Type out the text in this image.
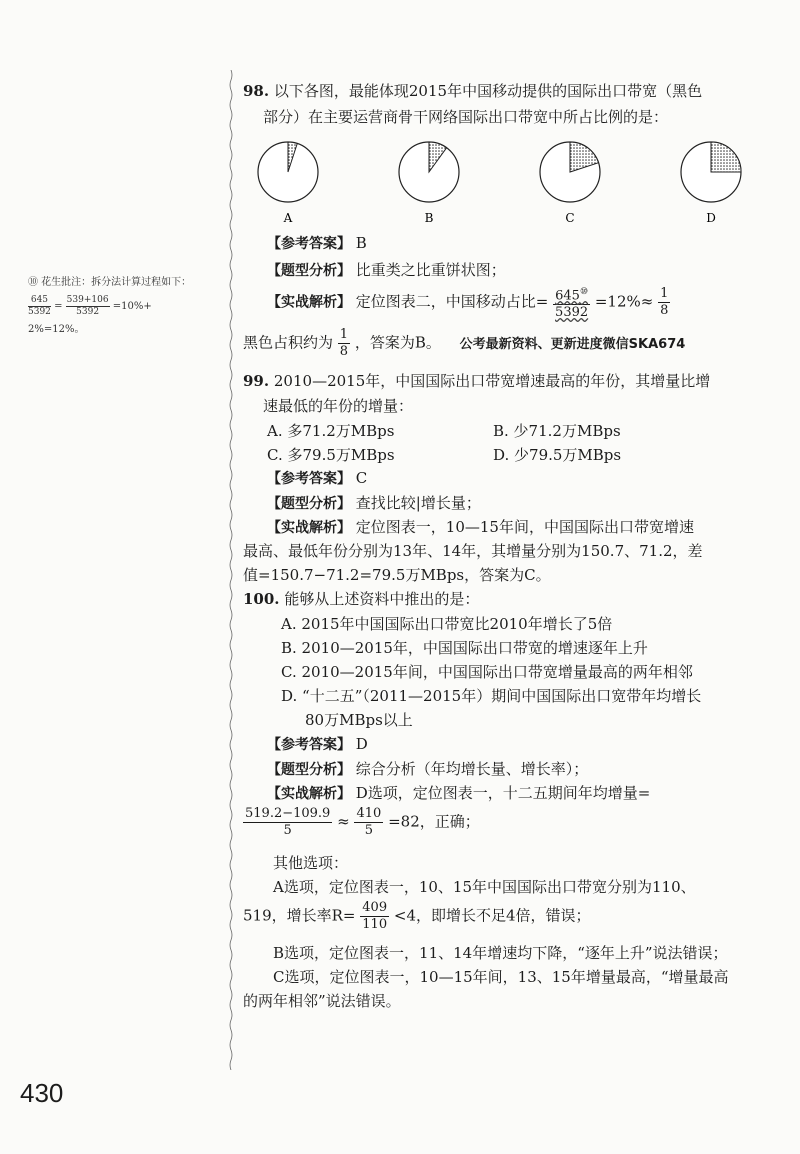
⑩ 花生批注：拆分法计算过程如下：
$\frac{645}{5392} = \frac{539+106}{5392} =10\%+$
2%=12%。
98. 以下各图，最能体现2015年中国移动提供的国际出口带宽（黑色
部分）在主要运营商骨干网络国际出口带宽中所占比例的是：
A	B	C	D
【参考答案】 B
【题型分析】 比重类之比重饼状图；
【实战解析】 定位图表二，中国移动占比= $\frac{645^⑩}{5392} =12\%\approx \frac{1}{8}$
黑色占积约为 $\frac{1}{8}$ ，答案为B。 公考最新资料、更新进度微信SKA674
99. 2010—2015年，中国国际出口带宽增速最高的年份，其增量比增
速最低的年份的增量：
A. 多71.2万MBps	B. 少71.2万MBps
C. 多79.5万MBps	D. 少79.5万MBps
【参考答案】 C
【题型分析】 查找比较|增长量；
【实战解析】 定位图表一，10—15年间，中国国际出口带宽增速
最高、最低年份分别为13年、14年，其增量分别为150.7、71.2，差
值=150.7−71.2=79.5万MBps，答案为C。
100. 能够从上述资料中推出的是：
A. 2015年中国国际出口带宽比2010年增长了5倍
B. 2010—2015年，中国国际出口带宽的增速逐年上升
C. 2010—2015年间，中国国际出口带宽增量最高的两年相邻
D. “十二五”（2011—2015年）期间中国国际出口宽带年均增长
80万MBps以上
【参考答案】 D
【题型分析】 综合分析（年均增长量、增长率）；
【实战解析】 D选项，定位图表一，十二五期间年均增量=
$\frac{519.2-109.9}{5} \approx \frac{410}{5} =82$，正确；
其他选项：
A选项，定位图表一，10、15年中国国际出口带宽分别为110、
519，增长率$R= \frac{409}{110} <4$，即增长不足4倍，错误；
B选项，定位图表一，11、14年增速均下降，“逐年上升”说法错误；
C选项，定位图表一，10—15年间，13、15年增量最高，“增量最高
的两年相邻”说法错误。
430
